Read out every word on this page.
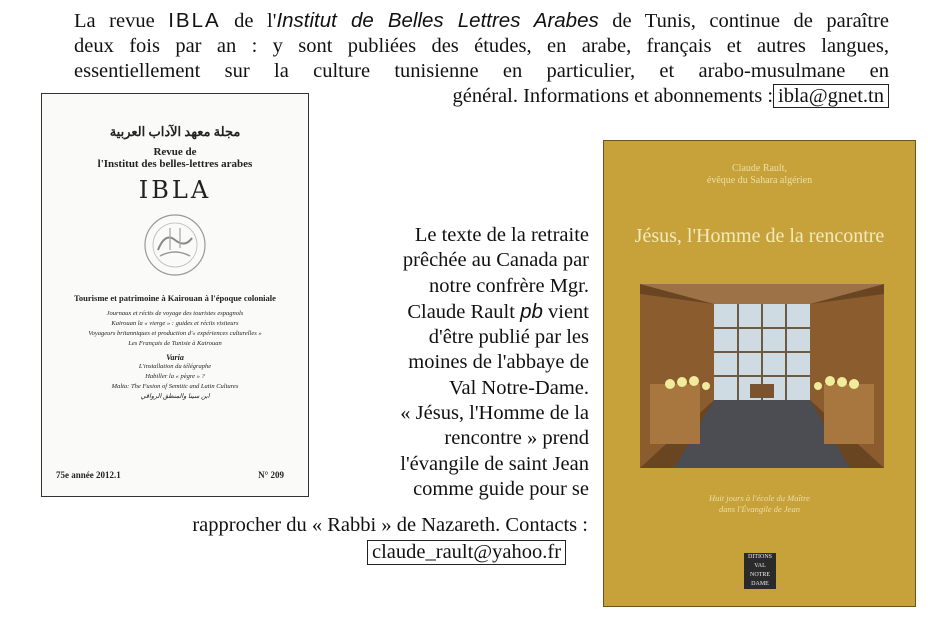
La revue IBLA de l'Institut de Belles Lettres Arabes de Tunis, continue de paraître
deux fois par an : y sont publiées des études, en arabe, français et autres langues,
essentiellement sur la culture tunisienne en particulier, et arabo-musulmane en
général. Informations et abonnements : ibla@gnet.tn
مجلة معهد الآداب العربية
Revue de
l'Institut des belles-lettres arabes
IBLA
Tourisme et patrimoine à Kairouan à l'époque coloniale
Journaux et récits de voyage des touristes espagnols
Kairouan la « vierge » : guides et récits visiteurs
Voyageurs britanniques et production d'« expériences culturelles »
Les Français de Tunisie à Kairouan
Varia
L'installation du télégraphe
Habiller la « pègre » ?
Malta: The Fusion of Semitic and Latin Cultures
ابن سينا والمنطق الرواقي
75e année 2012.1	N° 209
Le texte de la retraite
prêchée au Canada par
notre confrère Mgr.
Claude Rault pb vient
d'être publié par les
moines de l'abbaye de
Val Notre-Dame.
« Jésus, l'Homme de la
rencontre » prend
l'évangile de saint Jean
comme guide pour se
rapprocher du « Rabbi » de Nazareth. Contacts :
claude_rault@yahoo.fr
Claude Rault,
évêque du Sahara algérien
Jésus, l'Homme de la rencontre
Huit jours à l'école du Maître
dans l'Évangile de Jean
DITIONS VAL NOTRE DAME
